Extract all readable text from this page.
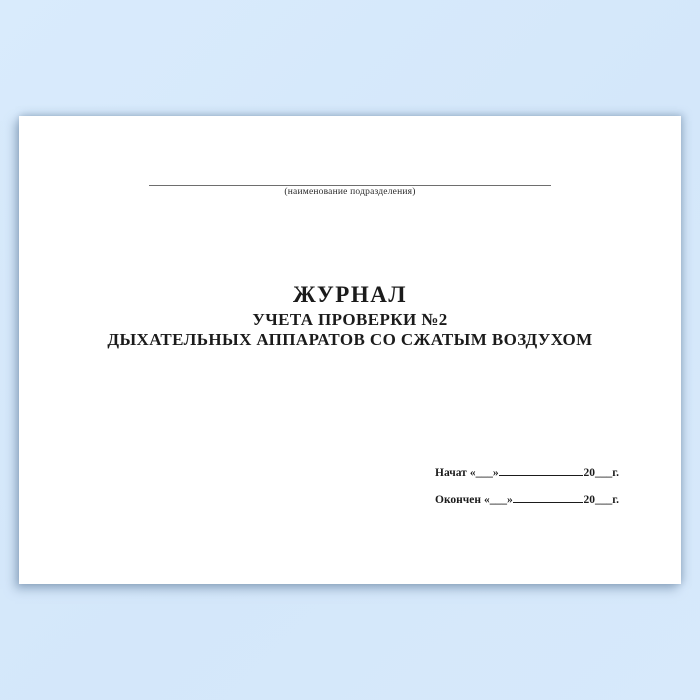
(наименование подразделения)
ЖУРНАЛ
УЧЕТА ПРОВЕРКИ №2
ДЫХАТЕЛЬНЫХ АППАРАТОВ СО СЖАТЫМ ВОЗДУХОМ
Начат «___»	20___г.
Окончен «___»	20___г.
